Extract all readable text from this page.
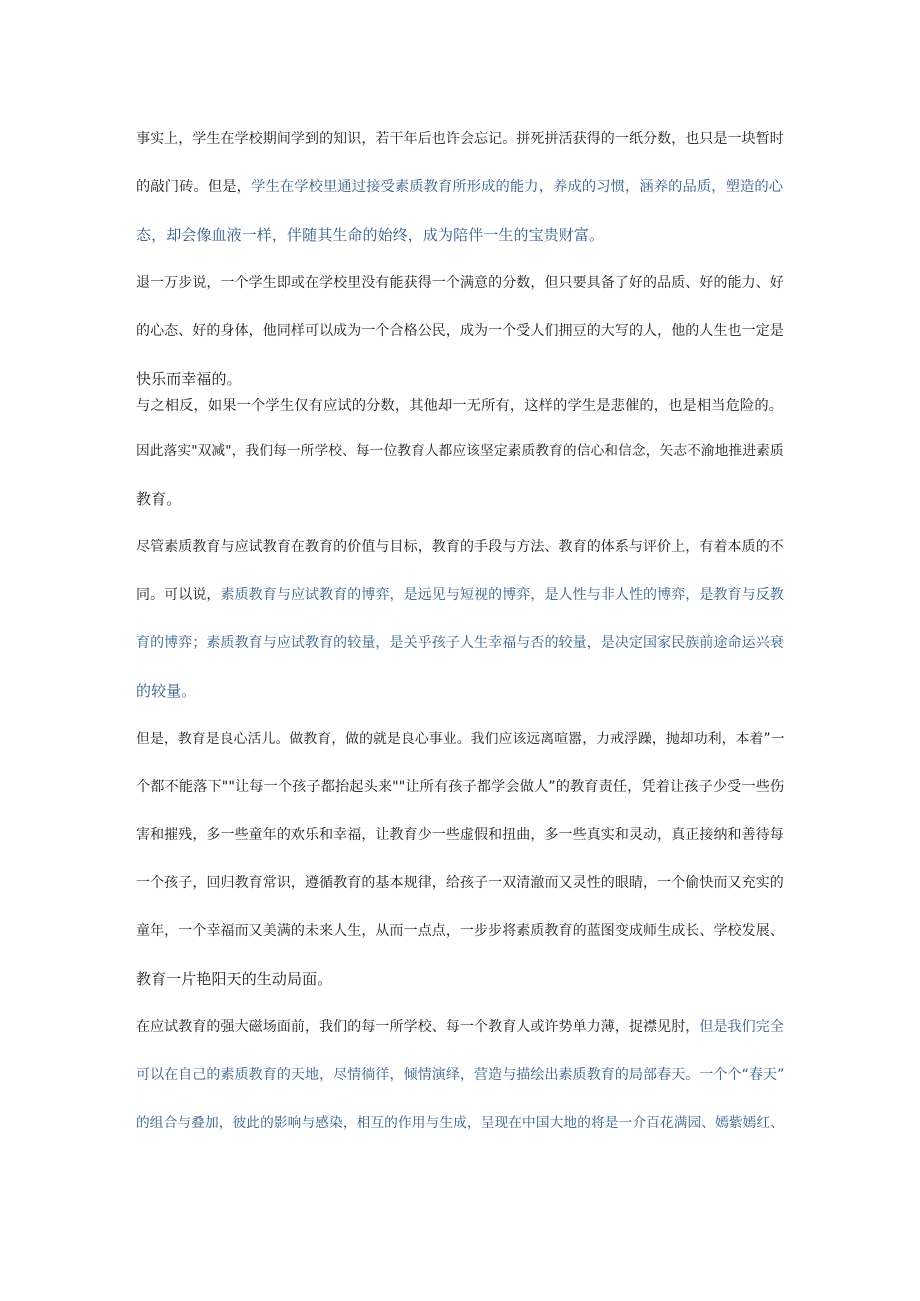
事实上，学生在学校期间学到的知识，若干年后也许会忘记。拼死拼活获得的一纸分数，也只是一块暂时
的敲门砖。但是，学生在学校里通过接受素质教育所形成的能力，养成的习惯，涵养的品质，塑造的心
态，却会像血液一样，伴随其生命的始终，成为陪伴一生的宝贵财富。
退一万步说，一个学生即或在学校里没有能获得一个满意的分数，但只要具备了好的品质、好的能力、好
的心态、好的身体，他同样可以成为一个合格公民，成为一个受人们拥豆的大写的人，他的人生也一定是
快乐而幸福的。
与之相反，如果一个学生仅有应试的分数，其他却一无所有，这样的学生是悲催的，也是相当危险的。
因此落实"双减"，我们每一所学校、每一位教育人都应该坚定素质教育的信心和信念，矢志不渝地推进素质
教育。
尽管素质教育与应试教育在教育的价值与目标，教育的手段与方法、教育的体系与评价上，有着本质的不
同。可以说，素质教育与应试教育的博弈，是远见与短视的博弈，是人性与非人性的博弈，是教育与反教
育的博弈；素质教育与应试教育的较量，是关乎孩子人生幸福与否的较量，是决定国家民族前途命运兴衰
的较量。
但是，教育是良心活儿。做教育，做的就是良心事业。我们应该远离喧嚣，力戒浮躁，抛却功利，本着”一
个都不能落下""让每一个孩子都抬起头来""让所有孩子都学会做人”的教育责任，凭着让孩子少受一些伤
害和摧残，多一些童年的欢乐和幸福，让教育少一些虚假和扭曲，多一些真实和灵动，真正接纳和善待每
一个孩子，回归教育常识，遵循教育的基本规律，给孩子一双清澈而又灵性的眼睛，一个偷快而又充实的
童年，一个幸福而又美满的未来人生，从而一点点，一步步将素质教育的蓝图变成师生成长、学校发展、
教育一片艳阳天的生动局面。
在应试教育的强大磁场面前，我们的每一所学校、每一个教育人或许势单力薄，捉襟见肘，但是我们完全
可以在自己的素质教育的天地，尽情徜徉，倾情演绎，营造与描绘出素质教育的局部春天。一个个“春天”
的组合与叠加，彼此的影响与感染，相互的作用与生成，呈现在中国大地的将是一介百花满园、嫣紫嫣红、
